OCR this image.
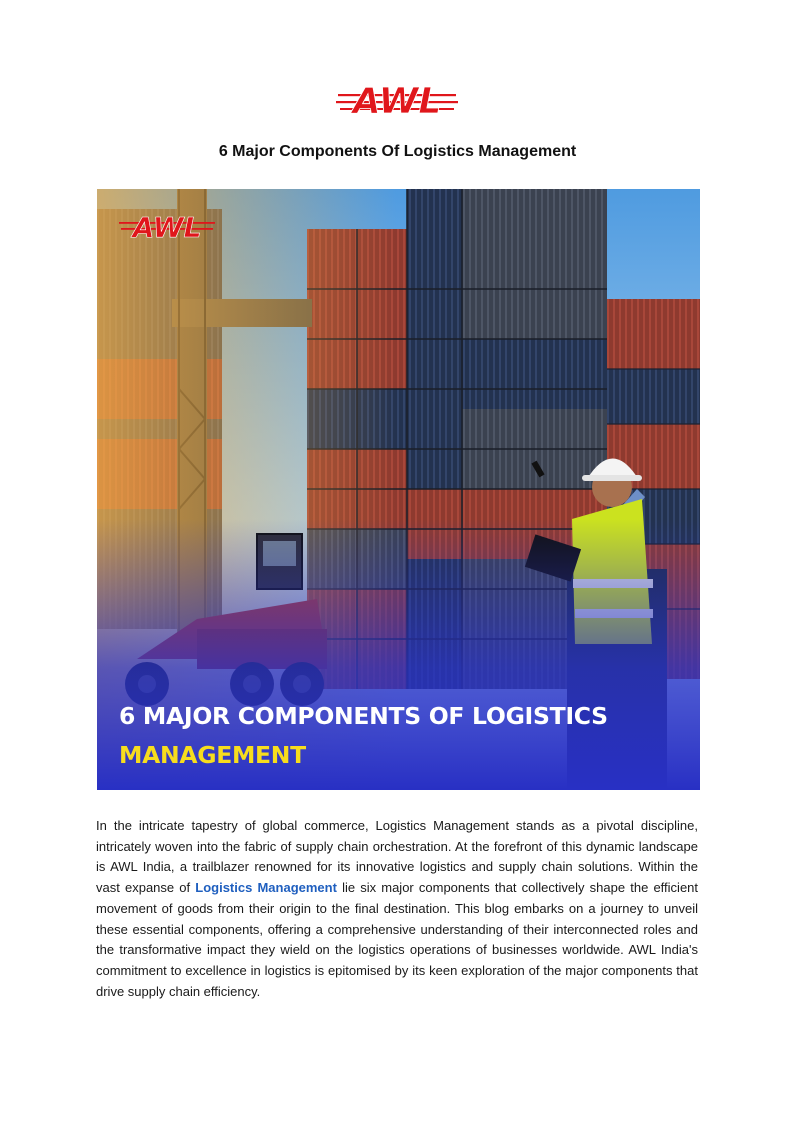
AWL
6 Major Components Of Logistics Management
AWL
6 MAJOR COMPONENTS OF LOGISTICS
MANAGEMENT

In the intricate tapestry of global commerce, Logistics Management stands as a pivotal discipline, intricately woven into the fabric of supply chain orchestration. At the forefront of this dynamic landscape is AWL India, a trailblazer renowned for its innovative logistics and supply chain solutions. Within the vast expanse of Logistics Management lie six major components that collectively shape the efficient movement of goods from their origin to the final destination. This blog embarks on a journey to unveil these essential components, offering a comprehensive understanding of their interconnected roles and the transformative impact they wield on the logistics operations of businesses worldwide. AWL India's commitment to excellence in logistics is epitomised by its keen exploration of the major components that drive supply chain efficiency.
